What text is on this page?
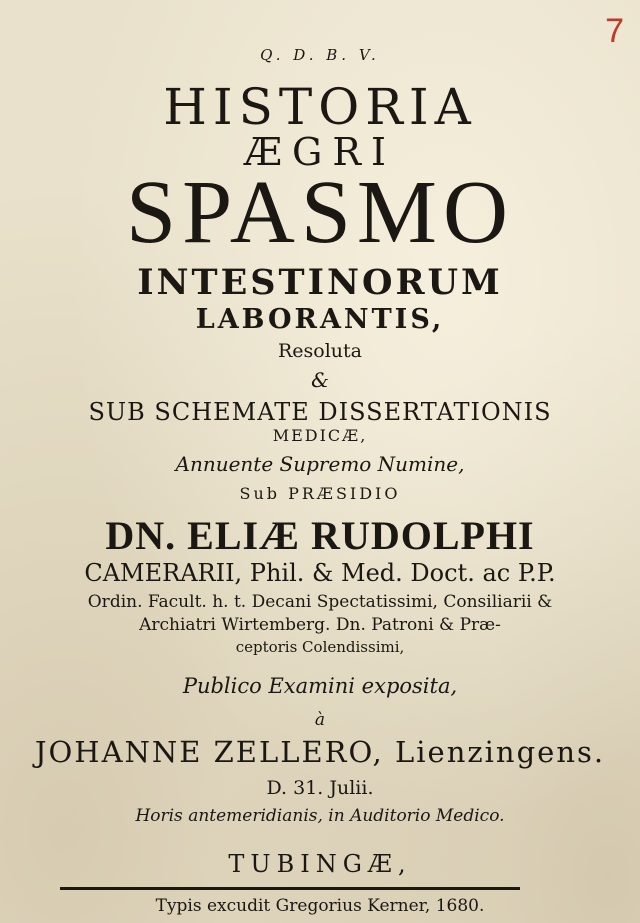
7
Q. D. B. V.
HISTORIA
ÆGRI
SPASMO
INTESTINORUM
LABORANTIS,
Resoluta
&
SUB SCHEMATE DISSERTATIONIS
MEDICÆ,
Annuente Supremo Numine,
Sub PRÆSIDIO
DN. ELIÆ RUDOLPHI
CAMERARII, Phil. & Med. Doct. ac P.P.
Ordin. Facult. h. t. Decani Spectatissimi, Consiliarii &
Archiatri Wirtemberg. Dn. Patroni & Præ-
ceptoris Colendissimi,
Publico Examini exposita,
à
JOHANNE ZELLERO, Lienzingens.
D. 31. Julii.
Horis antemeridianis, in Auditorio Medico.
TUBINGÆ,
Typis excudit Gregorius Kerner, 1680.
